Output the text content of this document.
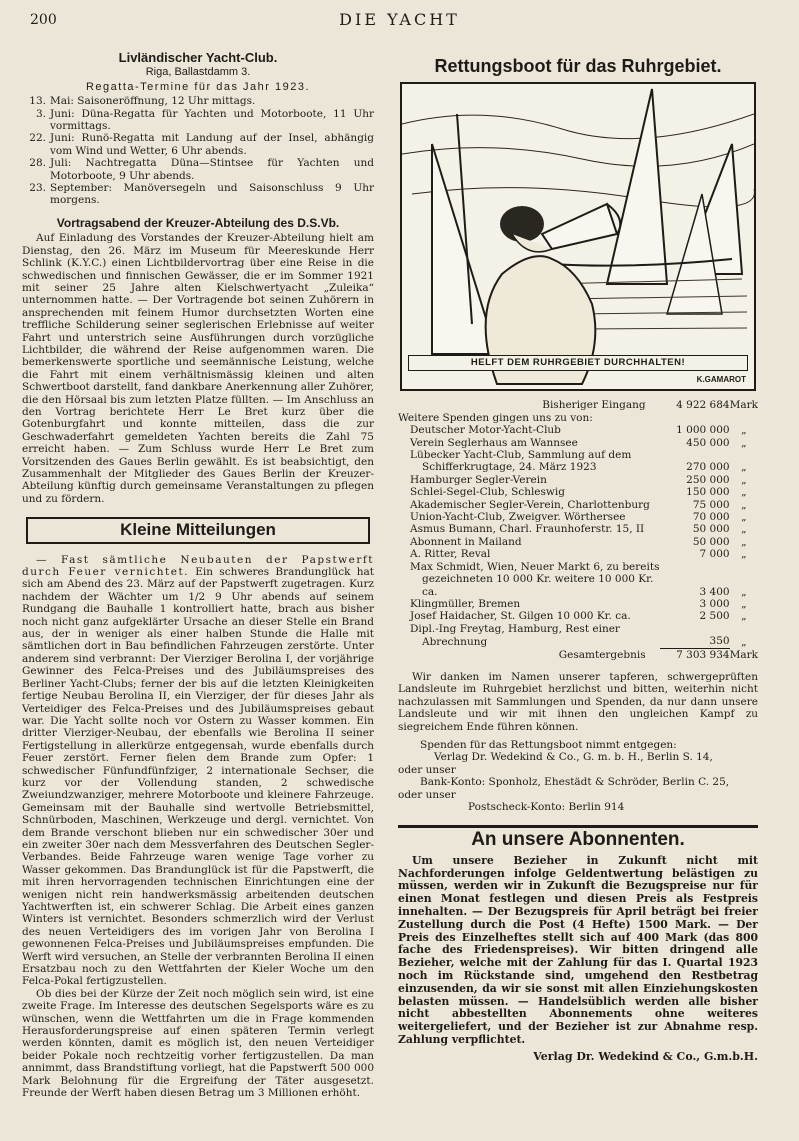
200	DIE YACHT
Livländischer Yacht-Club.
Riga, Ballastdamm 3.
Regatta-Termine für das Jahr 1923.
13. Mai: Saisoneröffnung, 12 Uhr mittags.
3. Juni: Düna-Regatta für Yachten und Motorboote, 11 Uhr vormittags.
22. Juni: Runö-Regatta mit Landung auf der Insel, abhängig vom Wind und Wetter, 6 Uhr abends.
28. Juli: Nachtregatta Düna—Stintsee für Yachten und Motorboote, 9 Uhr abends.
23. September: Manöversegeln und Saisonschluss 9 Uhr morgens.
Vortragsabend der Kreuzer-Abteilung des D.S.Vb.

Auf Einladung des Vorstandes der Kreuzer-Abteilung hielt am Dienstag, den 26. März im Museum für Meereskunde Herr Schlink (K.Y.C.) einen Lichtbildervortrag über eine Reise in die schwedischen und finnischen Gewässer, die er im Sommer 1921 mit seiner 25 Jahre alten Kielschwertyacht „Zuleika“ unternommen hatte. — Der Vortragende bot seinen Zuhörern in ansprechenden mit feinem Humor durchsetzten Worten eine treffliche Schilderung seiner seglerischen Erlebnisse auf weiter Fahrt und unterstrich seine Ausführungen durch vorzügliche Lichtbilder, die während der Reise aufgenommen waren. Die bemerkenswerte sportliche und seemännische Leistung, welche die Fahrt mit einem verhältnismässig kleinen und alten Schwertboot darstellt, fand dankbare Anerkennung aller Zuhörer, die den Hörsaal bis zum letzten Platze füllten. — Im Anschluss an den Vortrag berichtete Herr Le Bret kurz über die Gotenburgfahrt und konnte mitteilen, dass die zur Geschwaderfahrt gemeldeten Yachten bereits die Zahl 75 erreicht haben. — Zum Schluss wurde Herr Le Bret zum Vorsitzenden des Gaues Berlin gewählt. Es ist beabsichtigt, den Zusammenhalt der Mitglieder des Gaues Berlin der Kreuzer-Abteilung künftig durch gemeinsame Veranstaltungen zu pflegen und zu fördern.

Kleine Mitteilungen

— Fast sämtliche Neubauten der Papstwerft durch Feuer vernichtet. Ein schweres Brandunglück hat sich am Abend des 23. März auf der Papstwerft zugetragen. Kurz nachdem der Wächter um 1/2 9 Uhr abends auf seinem Rundgang die Bauhalle 1 kontrolliert hatte, brach aus bisher noch nicht ganz aufgeklärter Ursache an dieser Stelle ein Brand aus, der in weniger als einer halben Stunde die Halle mit sämtlichen dort in Bau befindlichen Fahrzeugen zerstörte. Unter anderem sind verbrannt: Der Vierziger Berolina I, der vorjährige Gewinner des Felca-Preises und des Jubiläumspreises des Berliner Yacht-Clubs; ferner der bis auf die letzten Kleinigkeiten fertige Neubau Berolina II, ein Vierziger, der für dieses Jahr als Verteidiger des Felca-Preises und des Jubiläumspreises gebaut war. Die Yacht sollte noch vor Ostern zu Wasser kommen. Ein dritter Vierziger-Neubau, der ebenfalls wie Berolina II seiner Fertigstellung in allerkürze entgegensah, wurde ebenfalls durch Feuer zerstört. Ferner fielen dem Brande zum Opfer: 1 schwedischer Fünfundfünfziger, 2 internationale Sechser, die kurz vor der Vollendung standen, 2 schwedische Zweiundzwanziger, mehrere Motorboote und kleinere Fahrzeuge. Gemeinsam mit der Bauhalle sind wertvolle Betriebsmittel, Schnürboden, Maschinen, Werkzeuge und dergl. vernichtet. Von dem Brande verschont blieben nur ein schwedischer 30er und ein zweiter 30er nach dem Messverfahren des Deutschen Segler-Verbandes. Beide Fahrzeuge waren wenige Tage vorher zu Wasser gekommen. Das Brandunglück ist für die Papstwerft, die mit ihren hervorragenden technischen Einrichtungen eine der wenigen nicht rein handwerksmässig arbeitenden deutschen Yachtwerften ist, ein schwerer Schlag. Die Arbeit eines ganzen Winters ist vernichtet. Besonders schmerzlich wird der Verlust des neuen Verteidigers des im vorigen Jahr von Berolina I gewonnenen Felca-Preises und Jubiläumspreises empfunden. Die Werft wird versuchen, an Stelle der verbrannten Berolina II einen Ersatzbau noch zu den Wettfahrten der Kieler Woche um den Felca-Pokal fertigzustellen.

Ob dies bei der Kürze der Zeit noch möglich sein wird, ist eine zweite Frage. Im Interesse des deutschen Segelsports wäre es zu wünschen, wenn die Wettfahrten um die in Frage kommenden Herausforderungspreise auf einen späteren Termin verlegt werden könnten, damit es möglich ist, den neuen Verteidiger beider Pokale noch rechtzeitig vorher fertigzustellen. Da man annimmt, dass Brandstiftung vorliegt, hat die Papstwerft 500 000 Mark Belohnung für die Ergreifung der Täter ausgesetzt. Freunde der Werft haben diesen Betrag um 3 Millionen erhöht.

Rettungsboot für das Ruhrgebiet.
HELFT DEM RUHRGEBIET DURCHHALTEN!
K.GAMAROT
Bisheriger Eingang	4 922 684	Mark
Weitere Spenden gingen uns zu von:		
Deutscher Motor-Yacht-Club	1 000 000	„
Verein Seglerhaus am Wannsee	450 000	„
Lübecker Yacht-Club, Sammlung auf dem		
Schifferkrugtage, 24. März 1923	270 000	„
Hamburger Segler-Verein	250 000	„
Schlei-Segel-Club, Schleswig	150 000	„
Akademischer Segler-Verein, Charlottenburg	75 000	„
Union-Yacht-Club, Zweigver. Wörthersee	70 000	„
Asmus Bumann, Charl. Fraunhoferstr. 15, II	50 000	„
Abonnent in Mailand	50 000	„
A. Ritter, Reval	7 000	„
Max Schmidt, Wien, Neuer Markt 6, zu bereits		
gezeichneten 10 000 Kr. weitere 10 000 Kr. ca.	3 400	„
Klingmüller, Bremen	3 000	„
Josef Haidacher, St. Gilgen 10 000 Kr. ca.	2 500	„
Dipl.-Ing Freytag, Hamburg, Rest einer		
Abrechnung	350	„
Gesamtergebnis	7 303 934	Mark

Wir danken im Namen unserer tapferen, schwergeprüften Landsleute im Ruhrgebiet herzlichst und bitten, weiterhin nicht nachzulassen mit Sammlungen und Spenden, da nur dann unsere Landsleute und wir mit ihnen den ungleichen Kampf zu siegreichem Ende führen können.

Spenden für das Rettungsboot nimmt entgegen:
Verlag Dr. Wedekind & Co., G. m. b. H., Berlin S. 14,
oder unser
Bank-Konto: Sponholz, Ehestädt & Schröder, Berlin C. 25,
oder unser
Postscheck-Konto: Berlin 914
An unsere Abonnenten.

Um unsere Bezieher in Zukunft nicht mit Nachforderungen infolge Geldentwertung belästigen zu müssen, werden wir in Zukunft die Bezugspreise nur für einen Monat festlegen und diesen Preis als Festpreis innehalten. — Der Bezugspreis für April beträgt bei freier Zustellung durch die Post (4 Hefte) 1500 Mark. — Der Preis des Einzelheftes stellt sich auf 400 Mark (das 800 fache des Friedenspreises). Wir bitten dringend alle Bezieher, welche mit der Zahlung für das I. Quartal 1923 noch im Rückstande sind, umgehend den Restbetrag einzusenden, da wir sie sonst mit allen Einziehungskosten belasten müssen. — Handelsüblich werden alle bisher nicht abbestellten Abonnements ohne weiteres weitergeliefert, und der Bezieher ist zur Abnahme resp. Zahlung verpflichtet.

Verlag Dr. Wedekind & Co., G.m.b.H.
